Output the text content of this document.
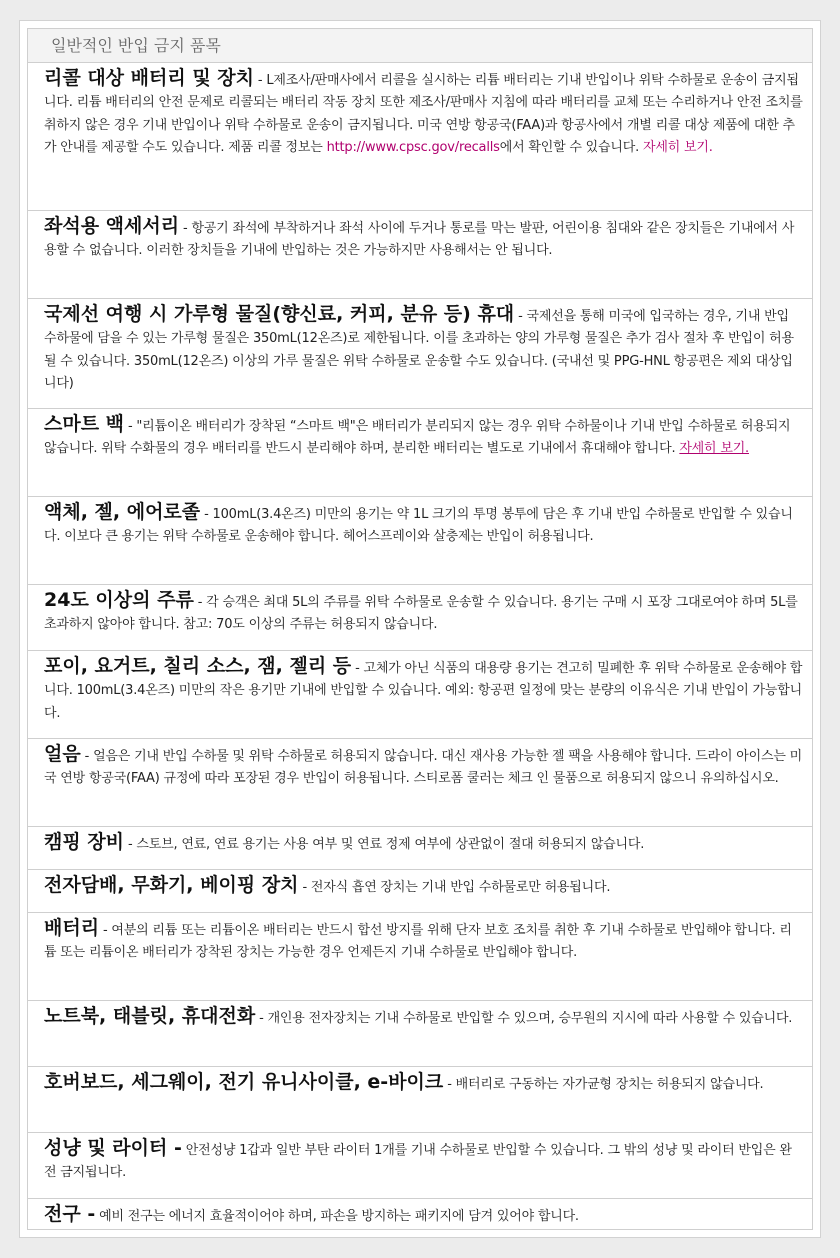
일반적인 반입 금지 품목
리콜 대상 배터리 및 장치 - L제조사/판매사에서 리콜을 실시하는 리튬 배터리는 기내 반입이나 위탁 수하물로 운송이 금지됩니다. 리튬 배터리의 안전 문제로 리콜되는 배터리 작동 장치 또한 제조사/판매사 지침에 따라 배터리를 교체 또는 수리하거나 안전 조치를 취하지 않은 경우 기내 반입이나 위탁 수하물로 운송이 금지됩니다. 미국 연방 항공국(FAA)과 항공사에서 개별 리콜 대상 제품에 대한 추가 안내를 제공할 수도 있습니다. 제품 리콜 정보는 http://www.cpsc.gov/recalls에서 확인할 수 있습니다. 자세히 보기.
좌석용 액세서리 - 항공기 좌석에 부착하거나 좌석 사이에 두거나 통로를 막는 발판, 어린이용 침대와 같은 장치들은 기내에서 사용할 수 없습니다. 이러한 장치들을 기내에 반입하는 것은 가능하지만 사용해서는 안 됩니다.
국제선 여행 시 가루형 물질(향신료, 커피, 분유 등) 휴대 - 국제선을 통해 미국에 입국하는 경우, 기내 반입 수하물에 담을 수 있는 가루형 물질은 350mL(12온즈)로 제한됩니다. 이를 초과하는 양의 가루형 물질은 추가 검사 절차 후 반입이 허용될 수 있습니다. 350mL(12온즈) 이상의 가루 물질은 위탁 수하물로 운송할 수도 있습니다. (국내선 및 PPG-HNL 항공편은 제외 대상입니다)
스마트 백 - "리튬이온 배터리가 장착된 “스마트 백"은 배터리가 분리되지 않는 경우 위탁 수하물이나 기내 반입 수하물로 허용되지 않습니다. 위탁 수화물의 경우 배터리를 반드시 분리해야 하며, 분리한 배터리는 별도로 기내에서 휴대해야 합니다. 자세히 보기.
액체, 젤, 에어로졸 - 100mL(3.4온즈) 미만의 용기는 약 1L 크기의 투명 봉투에 담은 후 기내 반입 수하물로 반입할 수 있습니다. 이보다 큰 용기는 위탁 수하물로 운송해야 합니다. 헤어스프레이와 살충제는 반입이 허용됩니다.
24도 이상의 주류 - 각 승객은 최대 5L의 주류를 위탁 수하물로 운송할 수 있습니다. 용기는 구매 시 포장 그대로여야 하며 5L를 초과하지 않아야 합니다. 참고: 70도 이상의 주류는 허용되지 않습니다.
포이, 요거트, 칠리 소스, 잼, 젤리 등 - 고체가 아닌 식품의 대용량 용기는 견고히 밀폐한 후 위탁 수하물로 운송해야 합니다. 100mL(3.4온즈) 미만의 작은 용기만 기내에 반입할 수 있습니다. 예외: 항공편 일정에 맞는 분량의 이유식은 기내 반입이 가능합니다.
얼음 - 얼음은 기내 반입 수하물 및 위탁 수하물로 허용되지 않습니다. 대신 재사용 가능한 젤 팩을 사용해야 합니다. 드라이 아이스는 미국 연방 항공국(FAA) 규정에 따라 포장된 경우 반입이 허용됩니다. 스티로폼 쿨러는 체크 인 물품으로 허용되지 않으니 유의하십시오.
캠핑 장비 - 스토브, 연료, 연료 용기는 사용 여부 및 연료 정제 여부에 상관없이 절대 허용되지 않습니다.
전자담배, 무화기, 베이핑 장치 - 전자식 흡연 장치는 기내 반입 수하물로만 허용됩니다.
배터리 - 여분의 리튬 또는 리튬이온 배터리는 반드시 합선 방지를 위해 단자 보호 조치를 취한 후 기내 수하물로 반입해야 합니다. 리튬 또는 리튬이온 배터리가 장착된 장치는 가능한 경우 언제든지 기내 수하물로 반입해야 합니다.
노트북, 태블릿, 휴대전화 - 개인용 전자장치는 기내 수하물로 반입할 수 있으며, 승무원의 지시에 따라 사용할 수 있습니다.
호버보드, 세그웨이, 전기 유니사이클, e-바이크 - 배터리로 구동하는 자가균형 장치는 허용되지 않습니다.
성냥 및 라이터 - 안전성냥 1갑과 일반 부탄 라이터 1개를 기내 수하물로 반입할 수 있습니다. 그 밖의 성냥 및 라이터 반입은 완전 금지됩니다.
전구 - 예비 전구는 에너지 효율적이어야 하며, 파손을 방지하는 패키지에 담겨 있어야 합니다.
